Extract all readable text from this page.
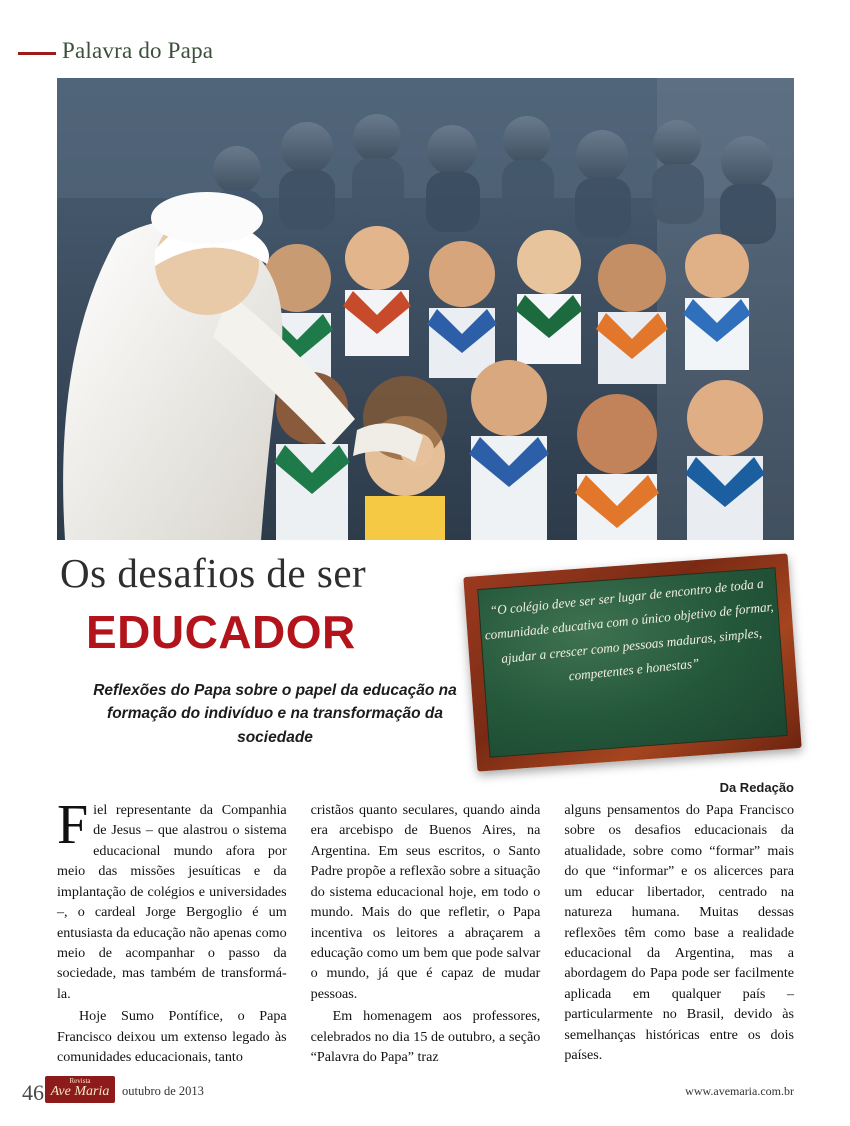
Palavra do Papa
Os desafios de ser
EDUCADOR
Reflexões do Papa sobre o papel da educação na formação do indivíduo e na transformação da sociedade
“O colégio deve ser ser lugar de encontro de toda a comunidade educativa com o único objetivo de formar, ajudar a crescer como pessoas maduras, simples, competentes e honestas”
Da Redação

Fiel representante da Companhia de Jesus – que alastrou o sistema educacional mundo afora por meio das missões jesuíticas e da implantação de colégios e universidades –, o cardeal Jorge Bergoglio é um entusiasta da educação não apenas como meio de acompanhar o passo da sociedade, mas também de transformá-la.

Hoje Sumo Pontífice, o Papa Francisco deixou um extenso legado às comunidades educacionais, tanto

cristãos quanto seculares, quando ainda era arcebispo de Buenos Aires, na Argentina. Em seus escritos, o Santo Padre propõe a reflexão sobre a situação do sistema educacional hoje, em todo o mundo. Mais do que refletir, o Papa incentiva os leitores a abraçarem a educação como um bem que pode salvar o mundo, já que é capaz de mudar pessoas.

Em homenagem aos professores, celebrados no dia 15 de outubro, a seção “Palavra do Papa” traz

alguns pensamentos do Papa Francisco sobre os desafios educacionais da atualidade, sobre como “formar” mais do que “informar” e os alicerces para um educar libertador, centrado na natureza humana. Muitas dessas reflexões têm como base a realidade educacional da Argentina, mas a abordagem do Papa pode ser facilmente aplicada em qualquer país – particularmente no Brasil, devido às semelhanças históricas entre os dois países.

46	Revista
Ave Maria	outubro de 2013	www.avemaria.com.br
